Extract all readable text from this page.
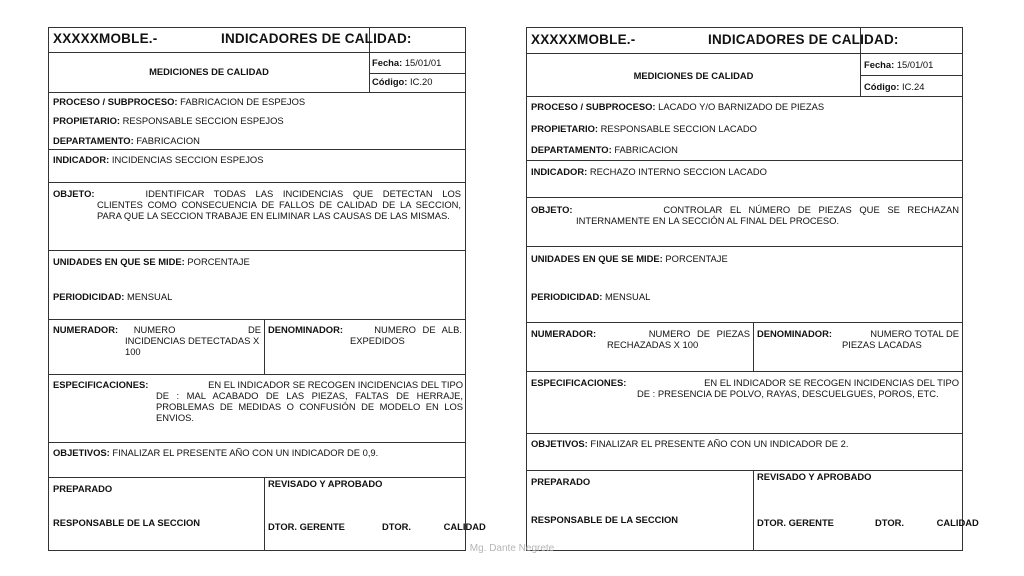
XXXXXMOBLE.-	INDICADORES DE CALIDAD:
MEDICIONES DE CALIDAD
Fecha: 15/01/01
Código: IC.20
PROCESO / SUBPROCESO: FABRICACION DE ESPEJOS
PROPIETARIO: RESPONSABLE SECCION ESPEJOS
DEPARTAMENTO: FABRICACION
INDICADOR: INCIDENCIAS SECCION ESPEJOS
OBJETO:	IDENTIFICAR TODAS LAS INCIDENCIAS QUE DETECTAN LOS
CLIENTES COMO CONSECUENCIA DE FALLOS DE CALIDAD DE LA SECCION, PARA QUE LA SECCION TRABAJE EN ELIMINAR LAS CAUSAS DE LAS MISMAS.
UNIDADES EN QUE SE MIDE: PORCENTAJE
PERIODICIDAD: MENSUAL
NUMERADOR: NUMERO DE
INCIDENCIAS DETECTADAS X 100
DENOMINADOR:	NUMERO DE ALB.
EXPEDIDOS
ESPECIFICACIONES:	EN EL INDICADOR SE RECOGEN INCIDENCIAS DEL TIPO
DE : MAL ACABADO DE LAS PIEZAS, FALTAS DE HERRAJE, PROBLEMAS DE MEDIDAS O CONFUSIÓN DE MODELO EN LOS ENVIOS.
OBJETIVOS: FINALIZAR EL PRESENTE AÑO CON UN INDICADOR DE 0,9.
PREPARADO
RESPONSABLE DE LA SECCION
REVISADO Y APROBADO
DTOR. GERENTE	DTOR. CALIDAD
XXXXXMOBLE.-	INDICADORES DE CALIDAD:
MEDICIONES DE CALIDAD
Fecha: 15/01/01
Código: IC.24
PROCESO / SUBPROCESO: LACADO Y/O BARNIZADO DE PIEZAS
PROPIETARIO: RESPONSABLE SECCION LACADO
DEPARTAMENTO: FABRICACION
INDICADOR: RECHAZO INTERNO SECCION LACADO
OBJETO:	CONTROLAR EL NÚMERO DE PIEZAS QUE SE RECHAZAN
INTERNAMENTE EN LA SECCIÓN AL FINAL DEL PROCESO.
UNIDADES EN QUE SE MIDE: PORCENTAJE
PERIODICIDAD: MENSUAL
NUMERADOR:	NUMERO DE PIEZAS
RECHAZADAS X 100
DENOMINADOR:	NUMERO TOTAL DE
PIEZAS LACADAS
ESPECIFICACIONES:	EN EL INDICADOR SE RECOGEN INCIDENCIAS DEL TIPO
DE : PRESENCIA DE POLVO, RAYAS, DESCUELGUES, POROS, ETC.
OBJETIVOS: FINALIZAR EL PRESENTE AÑO CON UN INDICADOR DE 2.
PREPARADO
RESPONSABLE DE LA SECCION
REVISADO Y APROBADO
DTOR. GERENTE	DTOR. CALIDAD
Mg. Dante Negrete
